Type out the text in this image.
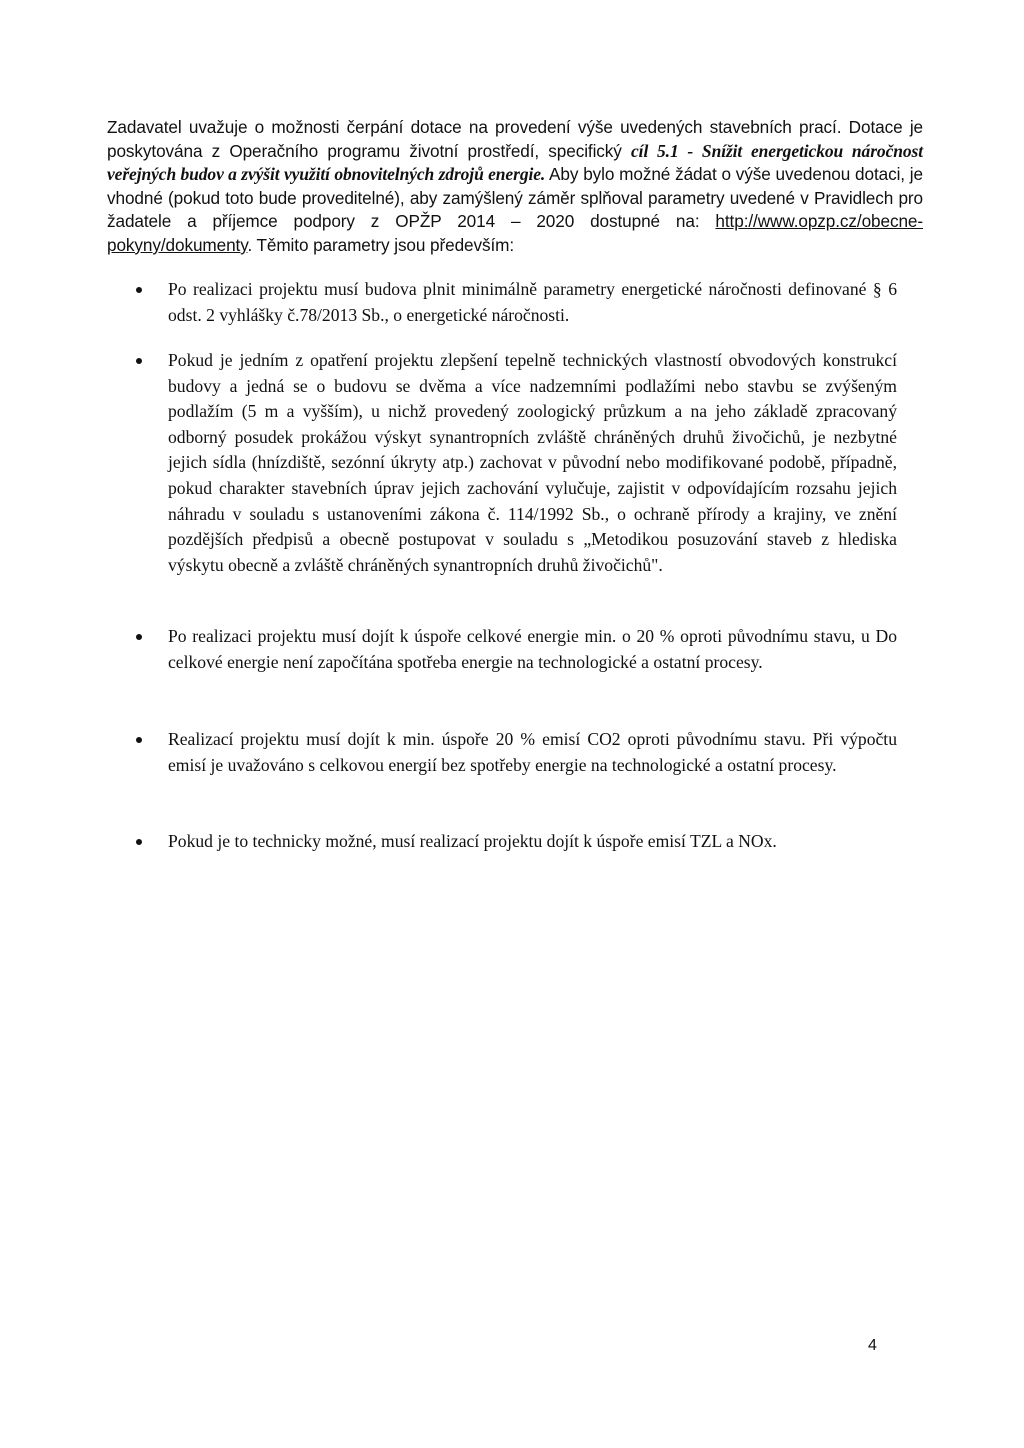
Zadavatel uvažuje o možnosti čerpání dotace na provedení výše uvedených stavebních prací. Dotace je poskytována z Operačního programu životní prostředí, specifický cíl 5.1 - Snížit energetickou náročnost veřejných budov a zvýšit využití obnovitelných zdrojů energie. Aby bylo možné žádat o výše uvedenou dotaci, je vhodné (pokud toto bude proveditelné), aby zamýšlený záměr splňoval parametry uvedené v Pravidlech pro žadatele a příjemce podpory z OPŽP 2014 – 2020 dostupné na: http://www.opzp.cz/obecne-pokyny/dokumenty. Těmito parametry jsou především:

Po realizaci projektu musí budova plnit minimálně parametry energetické náročnosti definované § 6 odst. 2 vyhlášky č.78/2013 Sb., o energetické náročnosti.
Pokud je jedním z opatření projektu zlepšení tepelně technických vlastností obvodových konstrukcí budovy a jedná se o budovu se dvěma a více nadzemními podlažími nebo stavbu se zvýšeným podlažím (5 m a vyšším), u nichž provedený zoologický průzkum a na jeho základě zpracovaný odborný posudek prokážou výskyt synantropních zvláště chráněných druhů živočichů, je nezbytné jejich sídla (hnízdiště, sezónní úkryty atp.) zachovat v původní nebo modifikované podobě, případně, pokud charakter stavebních úprav jejich zachování vylučuje, zajistit v odpovídajícím rozsahu jejich náhradu v souladu s ustanoveními zákona č. 114/1992 Sb., o ochraně přírody a krajiny, ve znění pozdějších předpisů a obecně postupovat v souladu s „Metodikou posuzování staveb z hlediska výskytu obecně a zvláště chráněných synantropních druhů živočichů".
Po realizaci projektu musí dojít k úspoře celkové energie min. o 20 % oproti původnímu stavu, u Do celkové energie není započítána spotřeba energie na technologické a ostatní procesy.
Realizací projektu musí dojít k min. úspoře 20 % emisí CO2 oproti původnímu stavu. Při výpočtu emisí je uvažováno s celkovou energií bez spotřeby energie na technologické a ostatní procesy.
Pokud je to technicky možné, musí realizací projektu dojít k úspoře emisí TZL a NOx.
4
